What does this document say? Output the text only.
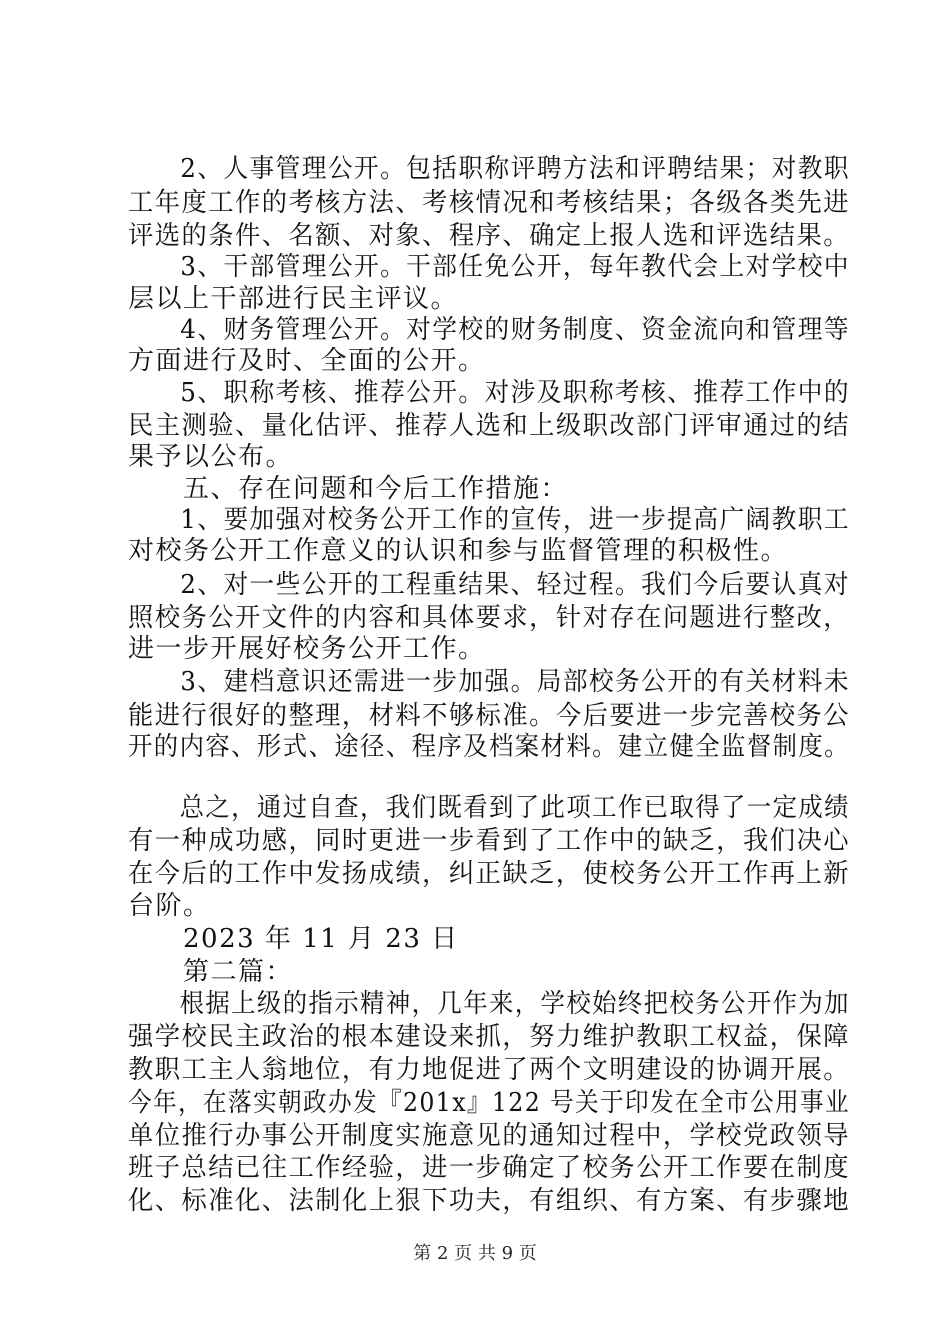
　　2、人事管理公开。包括职称评聘方法和评聘结果；对教职
工年度工作的考核方法、考核情况和考核结果；各级各类先进
评选的条件、名额、对象、程序、确定上报人选和评选结果。
　　3、干部管理公开。干部任免公开，每年教代会上对学校中
层以上干部进行民主评议。
　　4、财务管理公开。对学校的财务制度、资金流向和管理等
方面进行及时、全面的公开。
　　5、职称考核、推荐公开。对涉及职称考核、推荐工作中的
民主测验、量化估评、推荐人选和上级职改部门评审通过的结
果予以公布。
　　五、存在问题和今后工作措施：
　　1、要加强对校务公开工作的宣传，进一步提高广阔教职工
对校务公开工作意义的认识和参与监督管理的积极性。
　　2、对一些公开的工程重结果、轻过程。我们今后要认真对
照校务公开文件的内容和具体要求，针对存在问题进行整改，
进一步开展好校务公开工作。
　　3、建档意识还需进一步加强。局部校务公开的有关材料未
能进行很好的整理，材料不够标准。今后要进一步完善校务公
开的内容、形式、途径、程序及档案材料。建立健全监督制度。
　　总之，通过自查，我们既看到了此项工作已取得了一定成绩
有一种成功感，同时更进一步看到了工作中的缺乏，我们决心
在今后的工作中发扬成绩，纠正缺乏，使校务公开工作再上新
台阶。
　　2023 年 11 月 23 日
　　第二篇：
　　根据上级的指示精神，几年来，学校始终把校务公开作为加
强学校民主政治的根本建设来抓，努力维护教职工权益，保障
教职工主人翁地位，有力地促进了两个文明建设的协调开展。
今年，在落实朝政办发『201x』122 号关于印发在全市公用事业
单位推行办事公开制度实施意见的通知过程中，学校党政领导
班子总结已往工作经验，进一步确定了校务公开工作要在制度
化、标准化、法制化上狠下功夫，有组织、有方案、有步骤地
第 2 页 共 9 页
